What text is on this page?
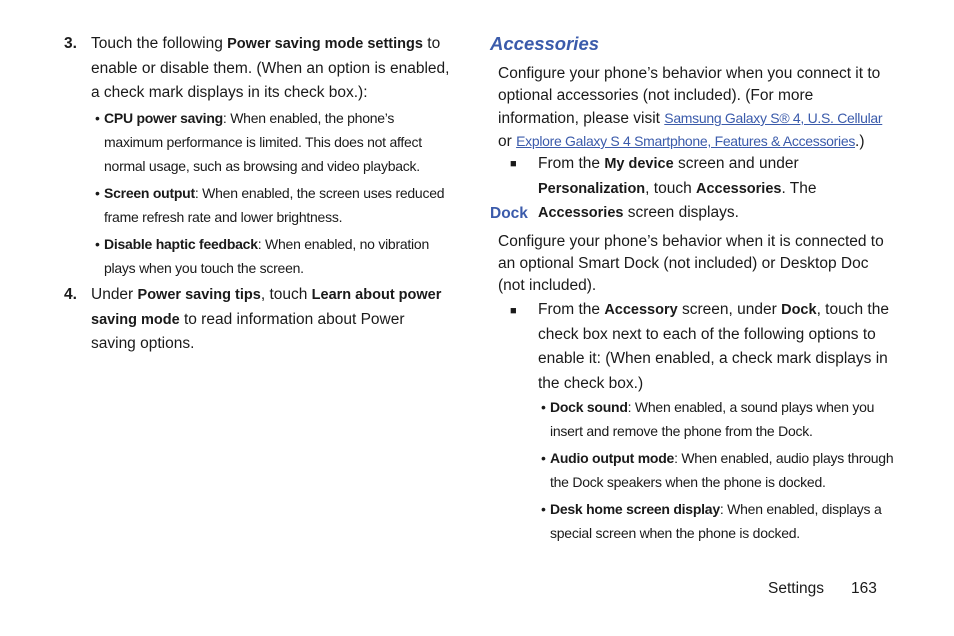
3. Touch the following Power saving mode settings to enable or disable them. (When an option is enabled, a check mark displays in its check box.):
• CPU power saving: When enabled, the phone’s maximum performance is limited. This does not affect normal usage, such as browsing and video playback.
• Screen output: When enabled, the screen uses reduced frame refresh rate and lower brightness.
• Disable haptic feedback: When enabled, no vibration plays when you touch the screen.
4. Under Power saving tips, touch Learn about power saving mode to read information about Power saving options.
Accessories
Configure your phone’s behavior when you connect it to optional accessories (not included). (For more information, please visit Samsung Galaxy S® 4, U.S. Cellular or Explore Galaxy S 4 Smartphone, Features & Accessories.)
■ From the My device screen and under Personalization, touch Accessories. The Accessories screen displays.
Dock
Configure your phone’s behavior when it is connected to an optional Smart Dock (not included) or Desktop Doc (not included).
■ From the Accessory screen, under Dock, touch the check box next to each of the following options to enable it: (When enabled, a check mark displays in the check box.)
• Dock sound: When enabled, a sound plays when you insert and remove the phone from the Dock.
• Audio output mode: When enabled, audio plays through the Dock speakers when the phone is docked.
• Desk home screen display: When enabled, displays a special screen when the phone is docked.
Settings 163
